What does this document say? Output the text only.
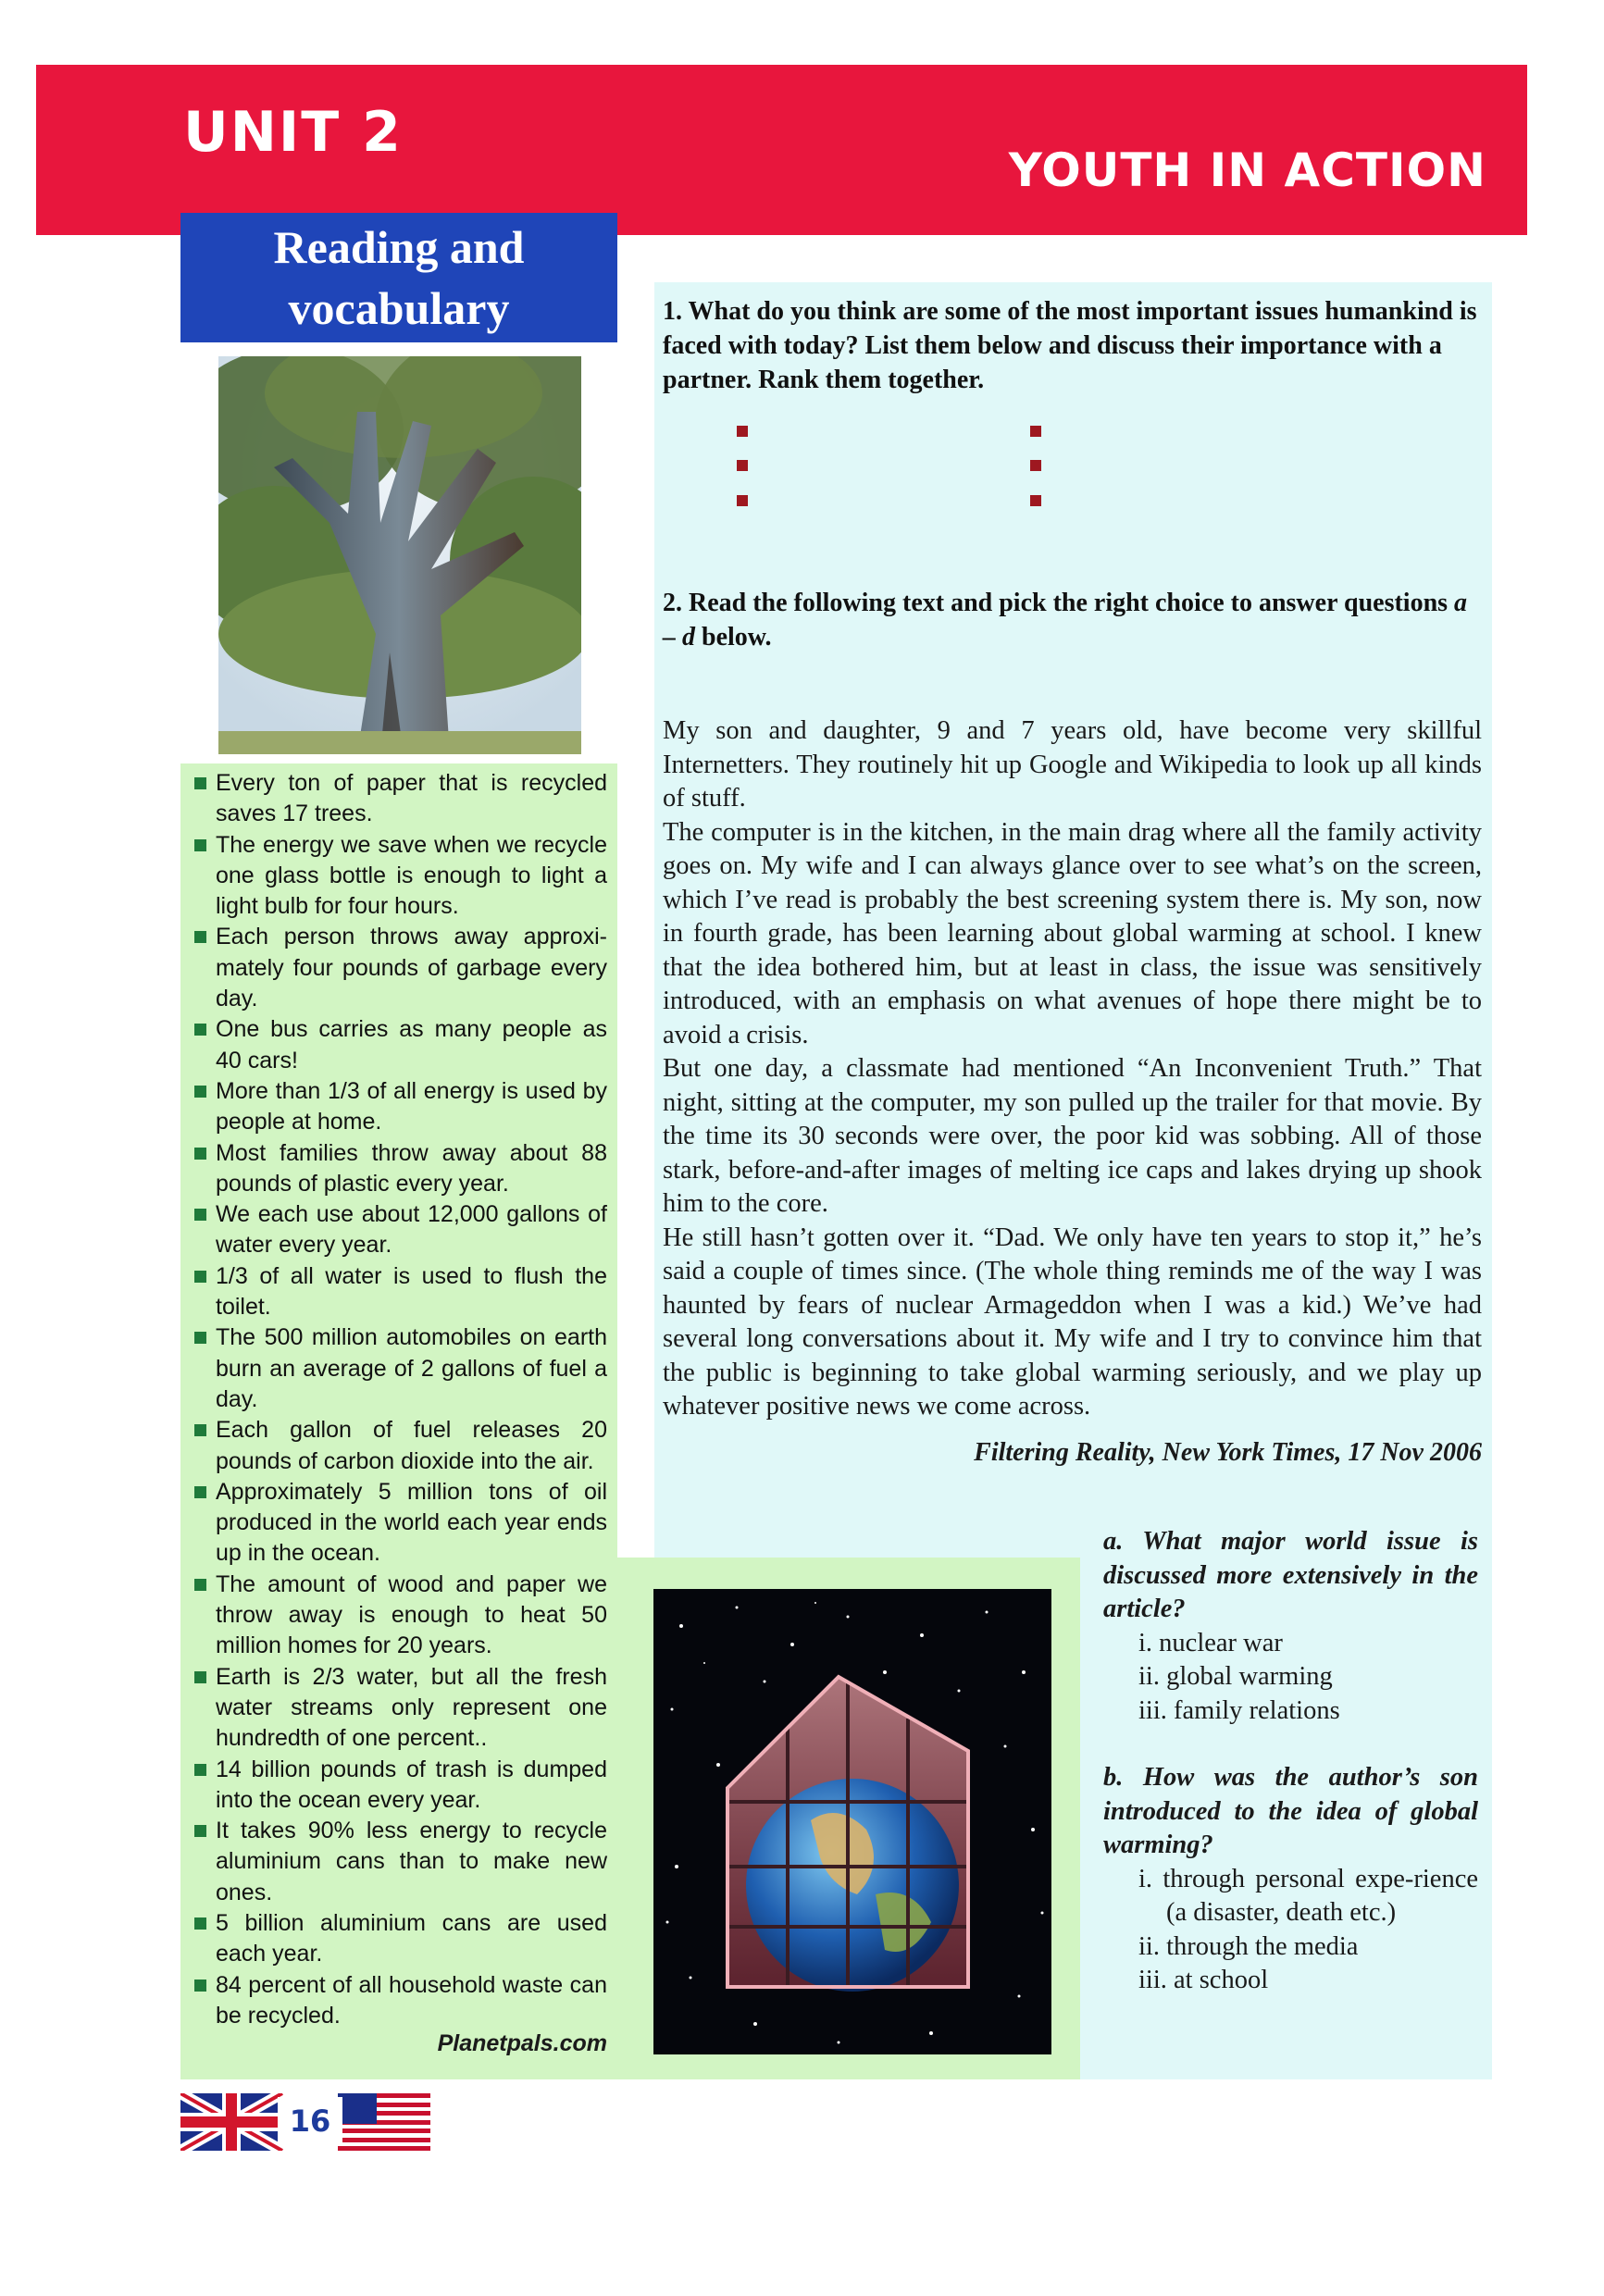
UNIT 2
YOUTH IN ACTION
Reading and vocabulary
Every ton of paper that is recycled saves 17 trees.
The energy we save when we recycle one glass bottle is enough to light a light bulb for four hours.
Each person throws away approxi-mately four pounds of garbage every day.
One bus carries as many people as 40 cars!
More than 1/3 of all energy is used by people at home.
Most families throw away about 88 pounds of plastic every year.
We each use about 12,000 gallons of water every year.
1/3 of all water is used to flush the toilet.
The 500 million automobiles on earth burn an average of 2 gallons of fuel a day.
Each gallon of fuel releases 20 pounds of carbon dioxide into the air.
Approximately 5 million tons of oil produced in the world each year ends up in the ocean.
The amount of wood and paper we throw away is enough to heat 50 million homes for 20 years.
Earth is 2/3 water, but all the fresh water streams only represent one hundredth of one percent..
14 billion pounds of trash is dumped into the ocean every year.
It takes 90% less energy to recycle aluminium cans than to make new ones.
5 billion aluminium cans are used each year.
84 percent of all household waste can be recycled.
Planetpals.com
1. What do you think are some of the most important issues humankind is faced with today? List them below and discuss their importance with a partner. Rank them together.
2. Read the following text and pick the right choice to answer questions a – d below.

My son and daughter, 9 and 7 years old, have become very skillful Internetters. They routinely hit up Google and Wikipedia to look up all kinds of stuff.

The computer is in the kitchen, in the main drag where all the family activity goes on. My wife and I can always glance over to see what’s on the screen, which I’ve read is probably the best screening system there is. My son, now in fourth grade, has been learning about global warming at school. I knew that the idea bothered him, but at least in class, the issue was sensitively introduced, with an emphasis on what avenues of hope there might be to avoid a crisis.

But one day, a classmate had mentioned “An Inconvenient Truth.” That night, sitting at the computer, my son pulled up the trailer for that movie. By the time its 30 seconds were over, the poor kid was sobbing. All of those stark, before-and-after images of melting ice caps and lakes drying up shook him to the core.

He still hasn’t gotten over it. “Dad. We only have ten years to stop it,” he’s said a couple of times since. (The whole thing reminds me of the way I was haunted by fears of nuclear Armageddon when I was a kid.) We’ve had several long conversations about it. My wife and I try to convince him that the public is beginning to take global warming seriously, and we play up whatever positive news we come across.

Filtering Reality, New York Times, 17 Nov 2006
a. What major world issue is discussed more extensively in the article?
i. nuclear war
ii. global warming
iii. family relations
b. How was the author’s son introduced to the idea of global warming?
i. through personal expe-rience (a disaster, death etc.)
ii. through the media
iii. at school
16
